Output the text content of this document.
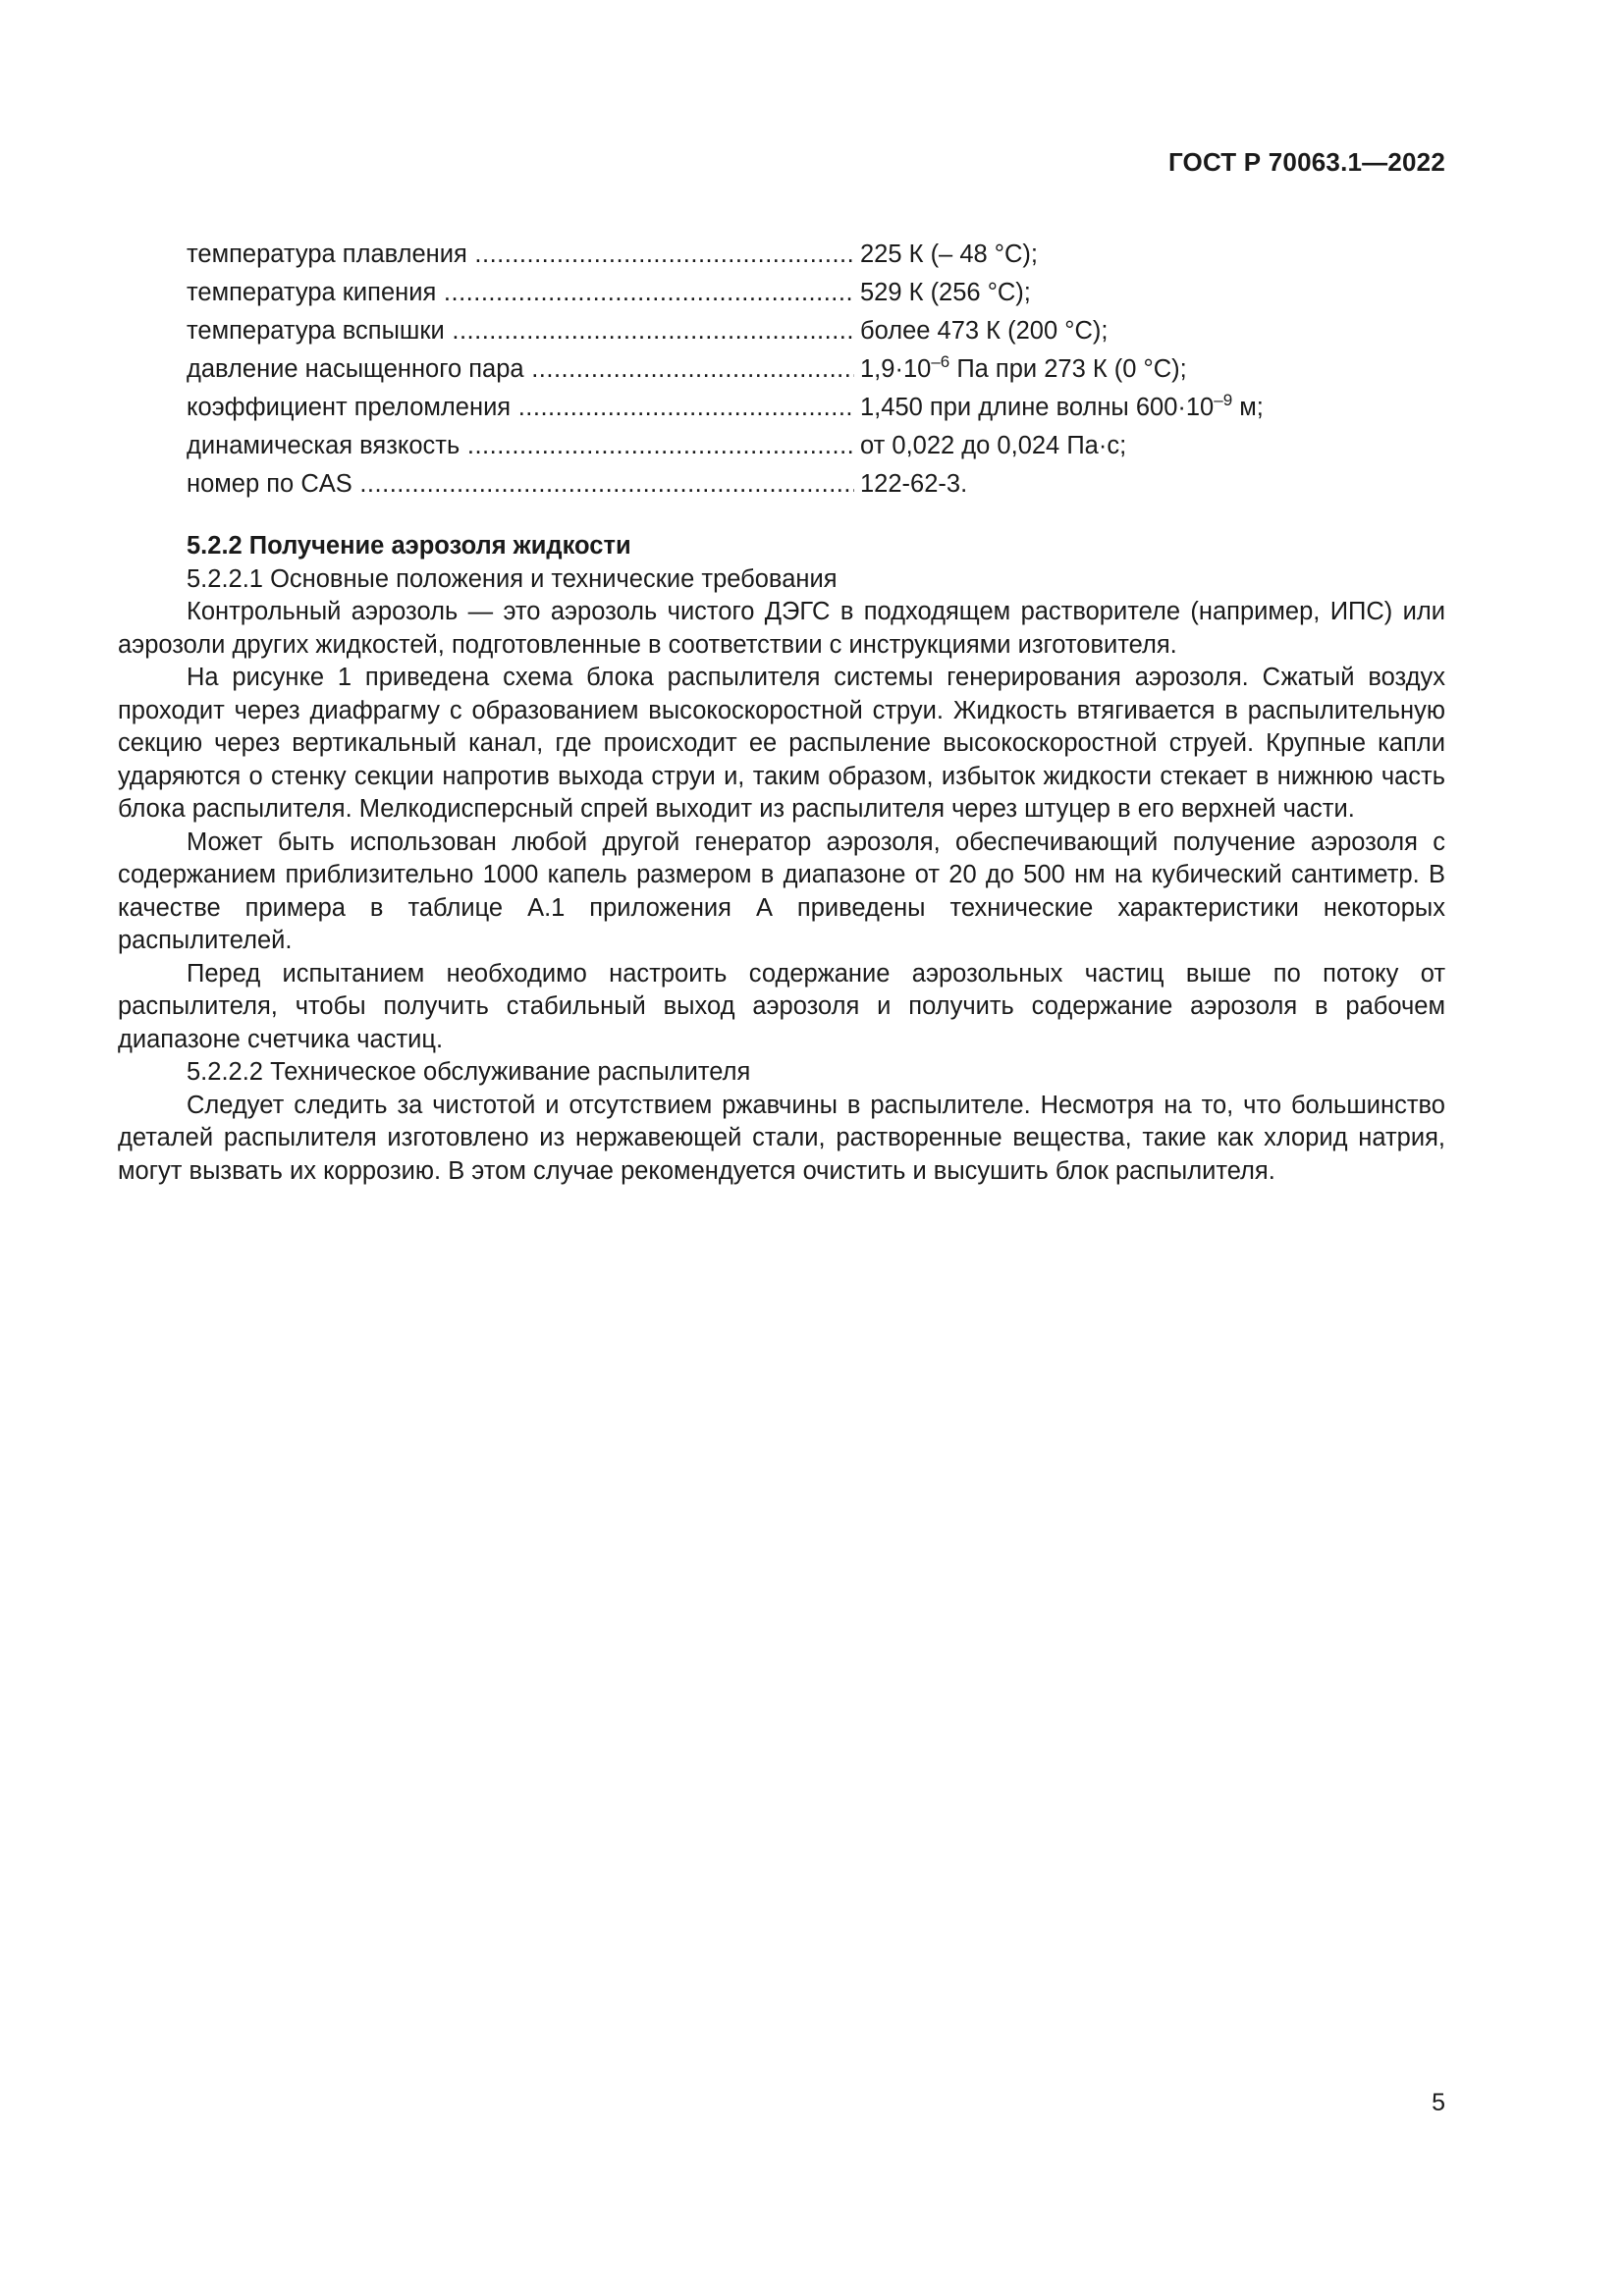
ГОСТ Р 70063.1—2022
температура плавления .....	225 К (– 48 °С);
температура кипения .....	529 К (256 °С);
температура вспышки .....	более 473 К (200 °С);
давление насыщенного пара .....	$1,9\cdot 10^{-6}$ Па при 273 К (0 °С);
коэффициент преломления .....	1,450 при длине волны $600\cdot 10^{-9}$ м;
динамическая вязкость .....	от 0,022 до 0,024 Па·с;
номер по CAS .....	122-62-3.

5.2.2 Получение аэрозоля жидкости

5.2.2.1 Основные положения и технические требования

Контрольный аэрозоль — это аэрозоль чистого ДЭГС в подходящем растворителе (например, ИПС) или аэрозоли других жидкостей, подготовленные в соответствии с инструкциями изготовителя.

На рисунке 1 приведена схема блока распылителя системы генерирования аэрозоля. Сжатый воздух проходит через диафрагму с образованием высокоскоростной струи. Жидкость втягивается в распылительную секцию через вертикальный канал, где происходит ее распыление высокоскоростной струей. Крупные капли ударяются о стенку секции напротив выхода струи и, таким образом, избыток жидкости стекает в нижнюю часть блока распылителя. Мелкодисперсный спрей выходит из распылителя через штуцер в его верхней части.

Может быть использован любой другой генератор аэрозоля, обеспечивающий получение аэрозоля с содержанием приблизительно 1000 капель размером в диапазоне от 20 до 500 нм на кубический сантиметр. В качестве примера в таблице А.1 приложения А приведены технические характеристики некоторых распылителей.

Перед испытанием необходимо настроить содержание аэрозольных частиц выше по потоку от распылителя, чтобы получить стабильный выход аэрозоля и получить содержание аэрозоля в рабочем диапазоне счетчика частиц.

5.2.2.2 Техническое обслуживание распылителя

Следует следить за чистотой и отсутствием ржавчины в распылителе. Несмотря на то, что большинство деталей распылителя изготовлено из нержавеющей стали, растворенные вещества, такие как хлорид натрия, могут вызвать их коррозию. В этом случае рекомендуется очистить и высушить блок распылителя.

5
